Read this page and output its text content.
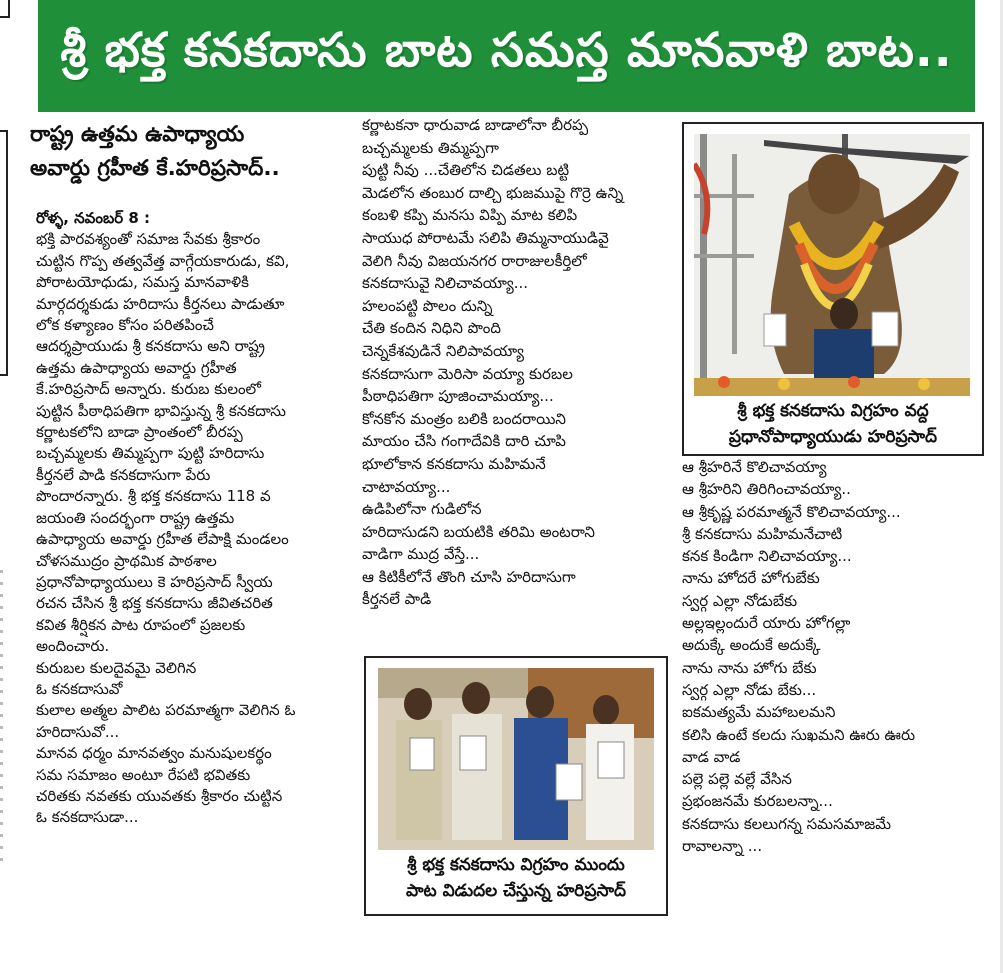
శ్రీ భక్త కనకదాసు బాట సమస్త మానవాళి బాట..
రాష్ట్ర ఉత్తమ ఉపాధ్యాయ
అవార్డు గ్రహీత కే.హరిప్రసాద్..

రోళ్ళ, నవంబర్ 8 :

భక్తి పారవశ్యంతో సమాజ సేవకు శ్రీకారం

చుట్టిన గొప్ప తత్వవేత్త వాగ్గేయకారుడు, కవి,

పోరాటయోధుడు, సమస్త మానవాళికి

మార్గదర్శకుడు హరిదాసు కీర్తనలు పాడుతూ

లోక కళ్యాణం కోసం పరితపించే

ఆదర్శప్రాయుడు శ్రీ కనకదాసు అని రాష్ట్ర

ఉత్తమ ఉపాధ్యాయ అవార్డు గ్రహీత

కే.హరిప్రసాద్ అన్నారు. కురుబ కులంలో

పుట్టిన పీఠాధిపతిగా భావిస్తున్న శ్రీ కనకదాసు

కర్ణాటకలోని బాడా ప్రాంతంలో బీరప్ప

బచ్చమ్మలకు తిమ్మప్పగా పుట్టి హరిదాసు

కీర్తనలే పాడి కనకదాసుగా పేరు

పొందారన్నారు. శ్రీ భక్త కనకదాసు 118 వ

జయంతి సందర్భంగా రాష్ట్ర ఉత్తమ

ఉపాధ్యాయ అవార్డు గ్రహీత లేపాక్షి మండలం

చోళసముద్రం ప్రాథమిక పాఠశాల

ప్రధానోపాధ్యాయులు కె హరిప్రసాద్ స్వీయ

రచన చేసిన శ్రీ భక్త కనకదాసు జీవితచరిత

కవిత శీర్షికన పాట రూపంలో ప్రజలకు

అందించారు.

కురుబల కులదైవమై వెలిగిన

ఓ కనకదాసువో

కులాల అత్మల పాలిట పరమాత్మగా వెలిగిన ఓ

హరిదాసువో...

మానవ ధర్మం మానవత్వం మనుషులకర్థం

సమ సమాజం అంటూ రేపటి భవితకు

చరితకు నవతకు యువతకు శ్రీకారం చుట్టిన

ఓ కనకదాసుడా...

కర్ణాటకనా ధారువాడ బాడాలోనా బీరప్ప

బచ్చమ్మలకు తిమ్మప్పగా

పుట్టి నీవు ...చేతిలోన చిడతలు బట్టి

మెడలోన తంబుర దాల్చి భుజముపై గొర్రె ఉన్ని

కంబళి కప్పి మనసు విప్పి మాట కలిపి

సాయుధ పోరాటమే సలిపి తిమ్మనాయుడివై

వెలిగి నీవు విజయనగర రారాజులకీర్తిలో

కనకదాసువై నిలిచావయ్యా...

హలంపట్టి పొలం దున్ని

చేతి కందిన నిధిని పొంది

చెన్నకేశవుడినే నిలిపావయ్యా

కనకదాసుగా మెరిసా వయ్యా కురబల

పీఠాధిపతిగా పూజించామయ్యా...

కోనకోన మంత్రం బలికి బందరాయిని

మాయం చేసి గంగాదేవికి దారి చూపి

భూలోకాన కనకదాసు మహిమనే

చాటావయ్యా...

ఉడిపిలోనా గుడిలోన

హరిదాసుడని బయటికి తరిమి అంటరాని

వాడిగా ముద్ర వేస్తే...

ఆ కిటికీలోనే తొంగి చూసి హరిదాసుగా

కీర్తనలే పాడి

ఆ శ్రీహరినే కొలిచావయ్యా

ఆ శ్రీహరిని తిరిగించావయ్యా..

ఆ శ్రీకృష్ణ పరమాత్మనే కొలిచావయ్యా...

శ్రీ కనకదాసు మహిమనేచాటి

కనక కిండిగా నిలిచావయ్యా...

నాను హోదరే హోగుబేకు

స్వర్గ ఎల్లా నోడుబేకు

అల్లఇల్లందురే యారు హోగల్లా

అదుక్కే అందుకే అదుక్కే

నాను నాను హోగు బేకు

స్వర్గ ఎల్లా నోడు బేకు...

ఐకమత్యమే మహాబలమని

కలిసి ఉంటే కలదు సుఖమని ఊరు ఊరు

వాడ వాడ

పల్లె పల్లె వల్లే వేసిన

ప్రభంజనమే కురబలన్నా...

కనకదాసు కలలుగన్న సమసమాజమే

రావాలన్నా ...

శ్రీ భక్త కనకదాసు విగ్రహం వద్ద
ప్రధానోపాధ్యాయుడు హరిప్రసాద్
శ్రీ భక్త కనకదాసు విగ్రహం ముందు
పాట విడుదల చేస్తున్న హరిప్రసాద్
